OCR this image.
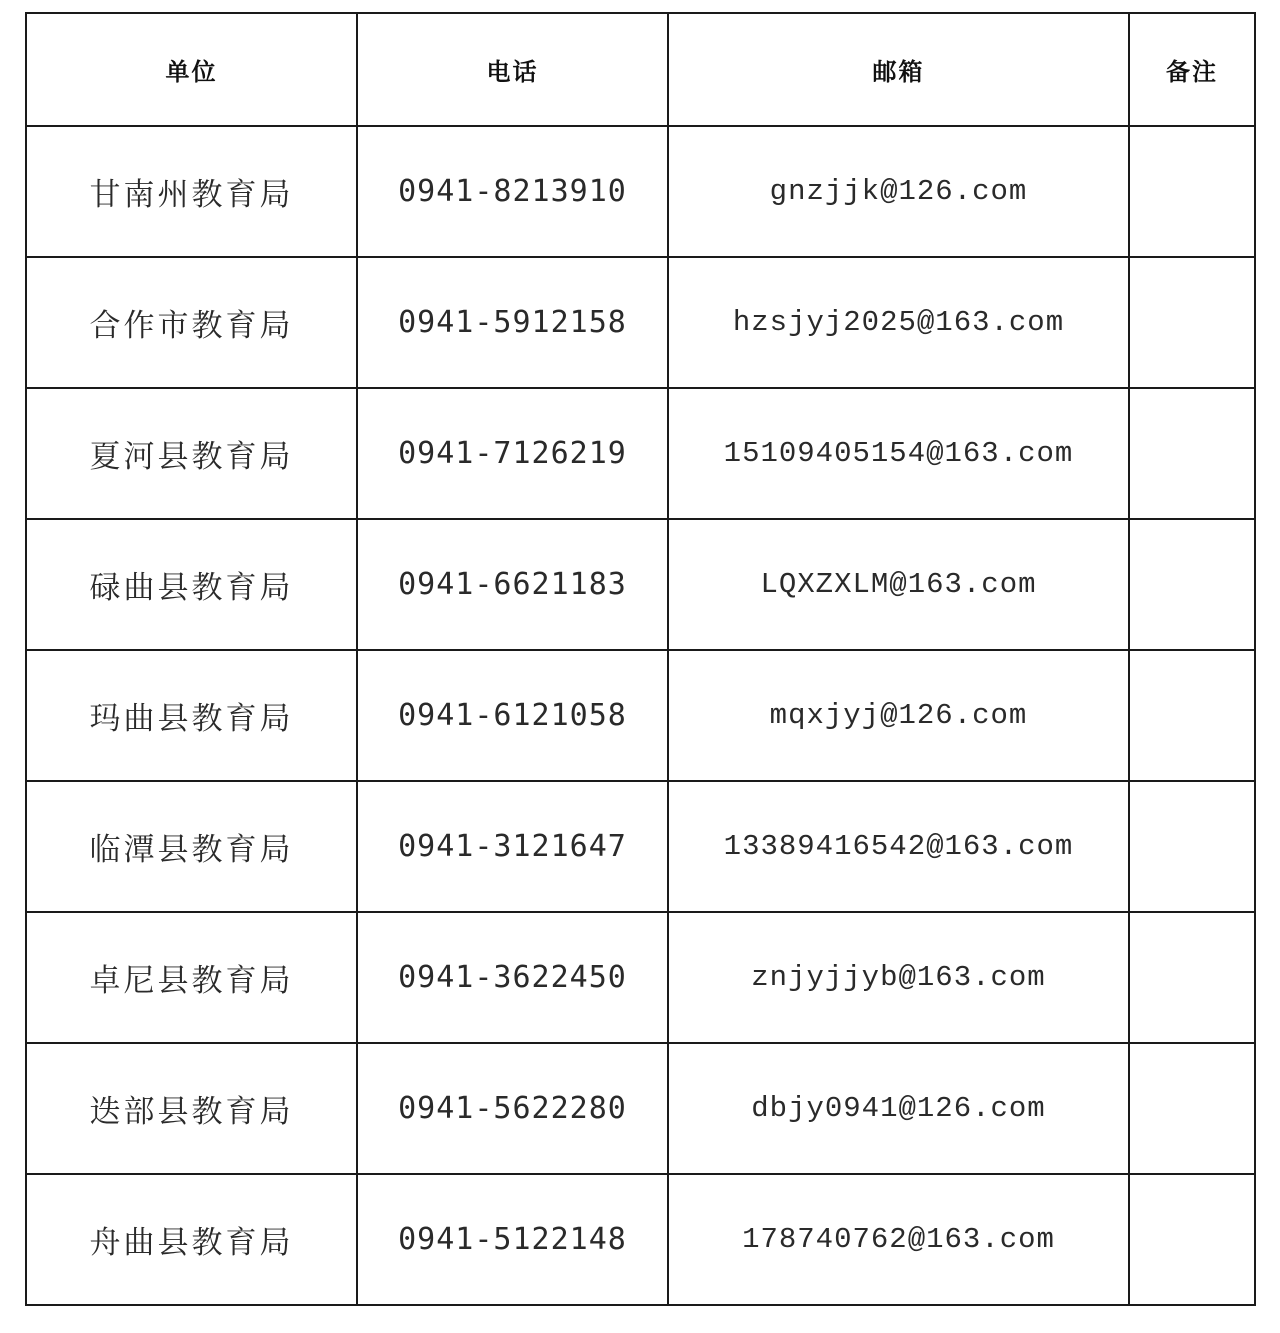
单位	电话	邮箱	备注
甘南州教育局	0941-8213910	gnzjjk@126.com	
合作市教育局	0941-5912158	hzsjyj2025@163.com	
夏河县教育局	0941-7126219	15109405154@163.com	
碌曲县教育局	0941-6621183	LQXZXLM@163.com	
玛曲县教育局	0941-6121058	mqxjyj@126.com	
临潭县教育局	0941-3121647	13389416542@163.com	
卓尼县教育局	0941-3622450	znjyjjyb@163.com	
迭部县教育局	0941-5622280	dbjy0941@126.com	
舟曲县教育局	0941-5122148	178740762@163.com	
